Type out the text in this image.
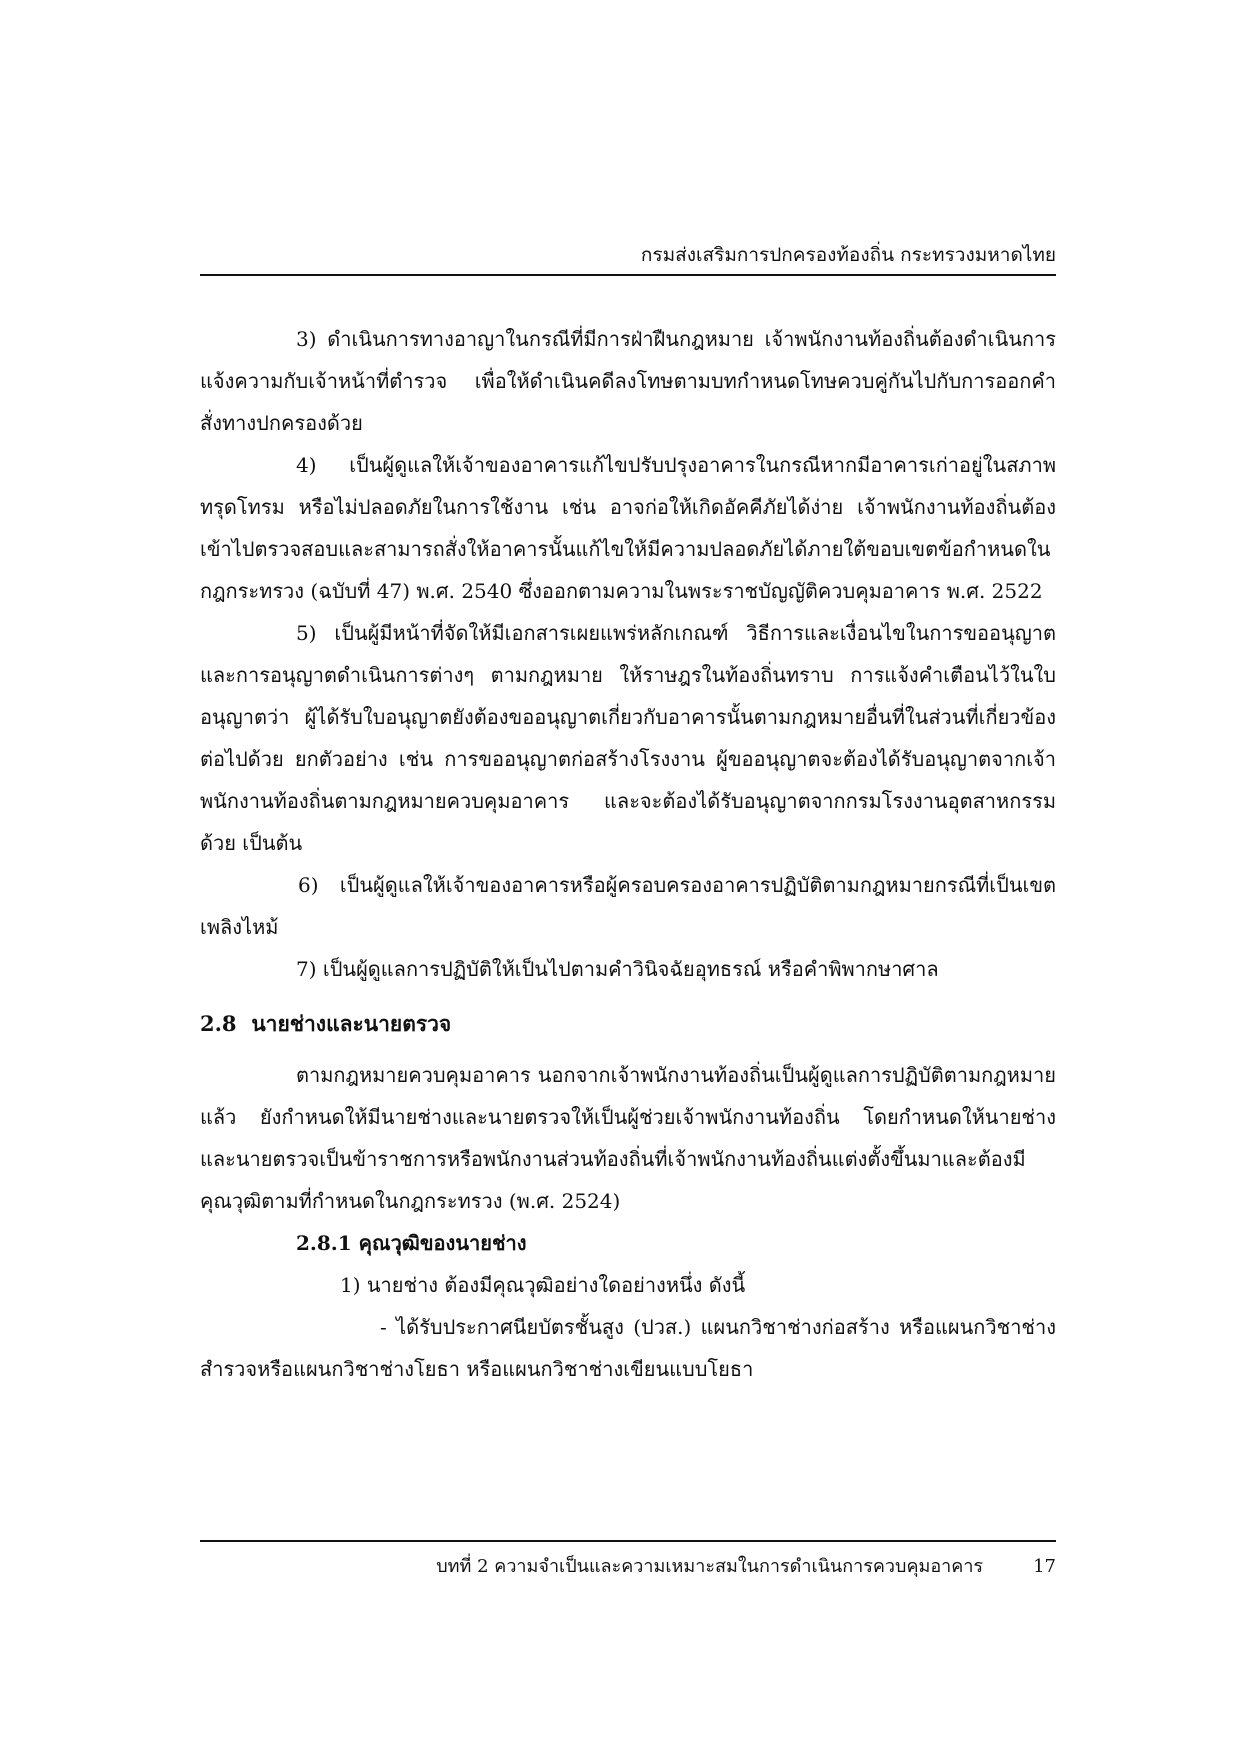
กรมส่งเสริมการปกครองท้องถิ่น กระทรวงมหาดไทย

3) ดำเนินการทางอาญาในกรณีที่มีการฝ่าฝืนกฎหมาย เจ้าพนักงานท้องถิ่นต้องดำเนินการแจ้งความกับเจ้าหน้าที่ตำรวจ เพื่อให้ดำเนินคดีลงโทษตามบทกำหนดโทษควบคู่กันไปกับการออกคำสั่งทางปกครองด้วย

4) เป็นผู้ดูแลให้เจ้าของอาคารแก้ไขปรับปรุงอาคารในกรณีหากมีอาคารเก่าอยู่ในสภาพทรุดโทรม หรือไม่ปลอดภัยในการใช้งาน เช่น อาจก่อให้เกิดอัคคีภัยได้ง่าย เจ้าพนักงานท้องถิ่นต้องเข้าไปตรวจสอบและสามารถสั่งให้อาคารนั้นแก้ไขให้มีความปลอดภัยได้ภายใต้ขอบเขตข้อกำหนดในกฎกระทรวง (ฉบับที่ 47) พ.ศ. 2540 ซึ่งออกตามความในพระราชบัญญัติควบคุมอาคาร พ.ศ. 2522

5) เป็นผู้มีหน้าที่จัดให้มีเอกสารเผยแพร่หลักเกณฑ์ วิธีการและเงื่อนไขในการขออนุญาต และการอนุญาตดำเนินการต่างๆ ตามกฎหมาย ให้ราษฎรในท้องถิ่นทราบ การแจ้งคำเตือนไว้ในใบอนุญาตว่า ผู้ได้รับใบอนุญาตยังต้องขออนุญาตเกี่ยวกับอาคารนั้นตามกฎหมายอื่นที่ในส่วนที่เกี่ยวข้องต่อไปด้วย ยกตัวอย่าง เช่น การขออนุญาตก่อสร้างโรงงาน ผู้ขออนุญาตจะต้องได้รับอนุญาตจากเจ้าพนักงานท้องถิ่นตามกฎหมายควบคุมอาคาร และจะต้องได้รับอนุญาตจากกรมโรงงานอุตสาหกรรมด้วย เป็นต้น

6) เป็นผู้ดูแลให้เจ้าของอาคารหรือผู้ครอบครองอาคารปฏิบัติตามกฎหมายกรณีที่เป็นเขตเพลิงไหม้

7) เป็นผู้ดูแลการปฏิบัติให้เป็นไปตามคำวินิจฉัยอุทธรณ์ หรือคำพิพากษาศาล

2.8 นายช่างและนายตรวจ

ตามกฎหมายควบคุมอาคาร นอกจากเจ้าพนักงานท้องถิ่นเป็นผู้ดูแลการปฏิบัติตามกฎหมายแล้ว ยังกำหนดให้มีนายช่างและนายตรวจให้เป็นผู้ช่วยเจ้าพนักงานท้องถิ่น โดยกำหนดให้นายช่างและนายตรวจเป็นข้าราชการหรือพนักงานส่วนท้องถิ่นที่เจ้าพนักงานท้องถิ่นแต่งตั้งขึ้นมาและต้องมีคุณวุฒิตามที่กำหนดในกฎกระทรวง (พ.ศ. 2524)

2.8.1 คุณวุฒิของนายช่าง

1) นายช่าง ต้องมีคุณวุฒิอย่างใดอย่างหนึ่ง ดังนี้

- ได้รับประกาศนียบัตรชั้นสูง (ปวส.) แผนกวิชาช่างก่อสร้าง หรือแผนกวิชาช่างสำรวจหรือแผนกวิชาช่างโยธา หรือแผนกวิชาช่างเขียนแบบโยธา

บทที่ 2 ความจำเป็นและความเหมาะสมในการดำเนินการควบคุมอาคาร	17
